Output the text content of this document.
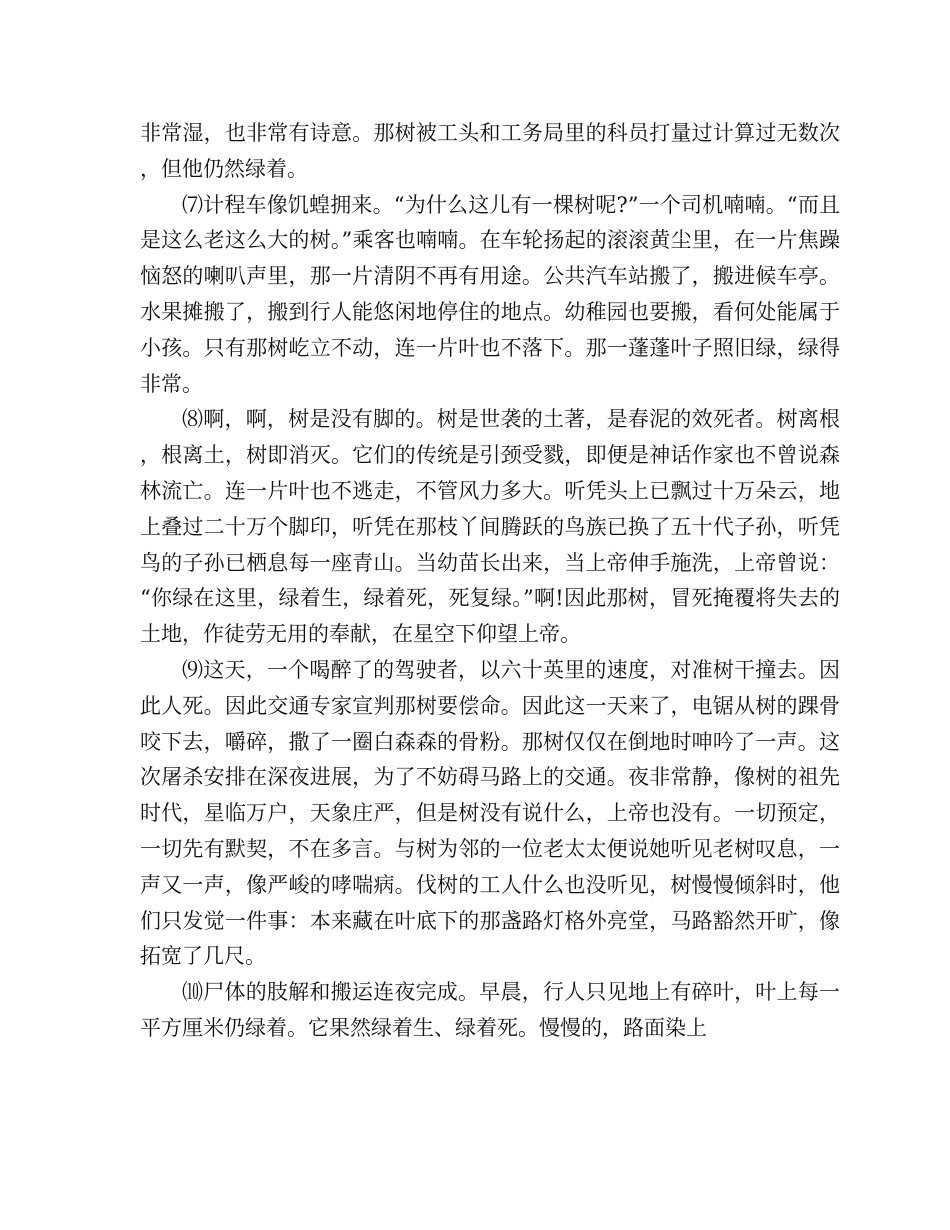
非常湿，也非常有诗意。那树被工头和工务局里的科员打量过计算过无数次，但他仍然绿着。

⑺计程车像饥蝗拥来。“为什么这儿有一棵树呢?”一个司机喃喃。“而且是这么老这么大的树。”乘客也喃喃。在车轮扬起的滚滚黄尘里，在一片焦躁恼怒的喇叭声里，那一片清阴不再有用途。公共汽车站搬了，搬进候车亭。水果摊搬了，搬到行人能悠闲地停住的地点。幼稚园也要搬，看何处能属于小孩。只有那树屹立不动，连一片叶也不落下。那一蓬蓬叶子照旧绿，绿得非常。

⑻啊，啊，树是没有脚的。树是世袭的土著，是春泥的效死者。树离根，根离土，树即消灭。它们的传统是引颈受戮，即便是神话作家也不曾说森林流亡。连一片叶也不逃走，不管风力多大。听凭头上已飘过十万朵云，地上叠过二十万个脚印，听凭在那枝丫间腾跃的鸟族已换了五十代子孙，听凭鸟的子孙已栖息每一座青山。当幼苗长出来，当上帝伸手施洗，上帝曾说：“你绿在这里，绿着生，绿着死，死复绿。”啊!因此那树，冒死掩覆将失去的土地，作徒劳无用的奉献，在星空下仰望上帝。

⑼这天，一个喝醉了的驾驶者，以六十英里的速度，对准树干撞去。因此人死。因此交通专家宣判那树要偿命。因此这一天来了，电锯从树的踝骨咬下去，嚼碎，撒了一圈白森森的骨粉。那树仅仅在倒地时呻吟了一声。这次屠杀安排在深夜进展，为了不妨碍马路上的交通。夜非常静，像树的祖先时代，星临万户，天象庄严，但是树没有说什么，上帝也没有。一切预定，一切先有默契，不在多言。与树为邻的一位老太太便说她听见老树叹息，一声又一声，像严峻的哮喘病。伐树的工人什么也没听见，树慢慢倾斜时，他们只发觉一件事：本来藏在叶底下的那盏路灯格外亮堂，马路豁然开旷，像拓宽了几尺。

⑽尸体的肢解和搬运连夜完成。早晨，行人只见地上有碎叶，叶上每一平方厘米仍绿着。它果然绿着生、绿着死。慢慢的，路面染上
